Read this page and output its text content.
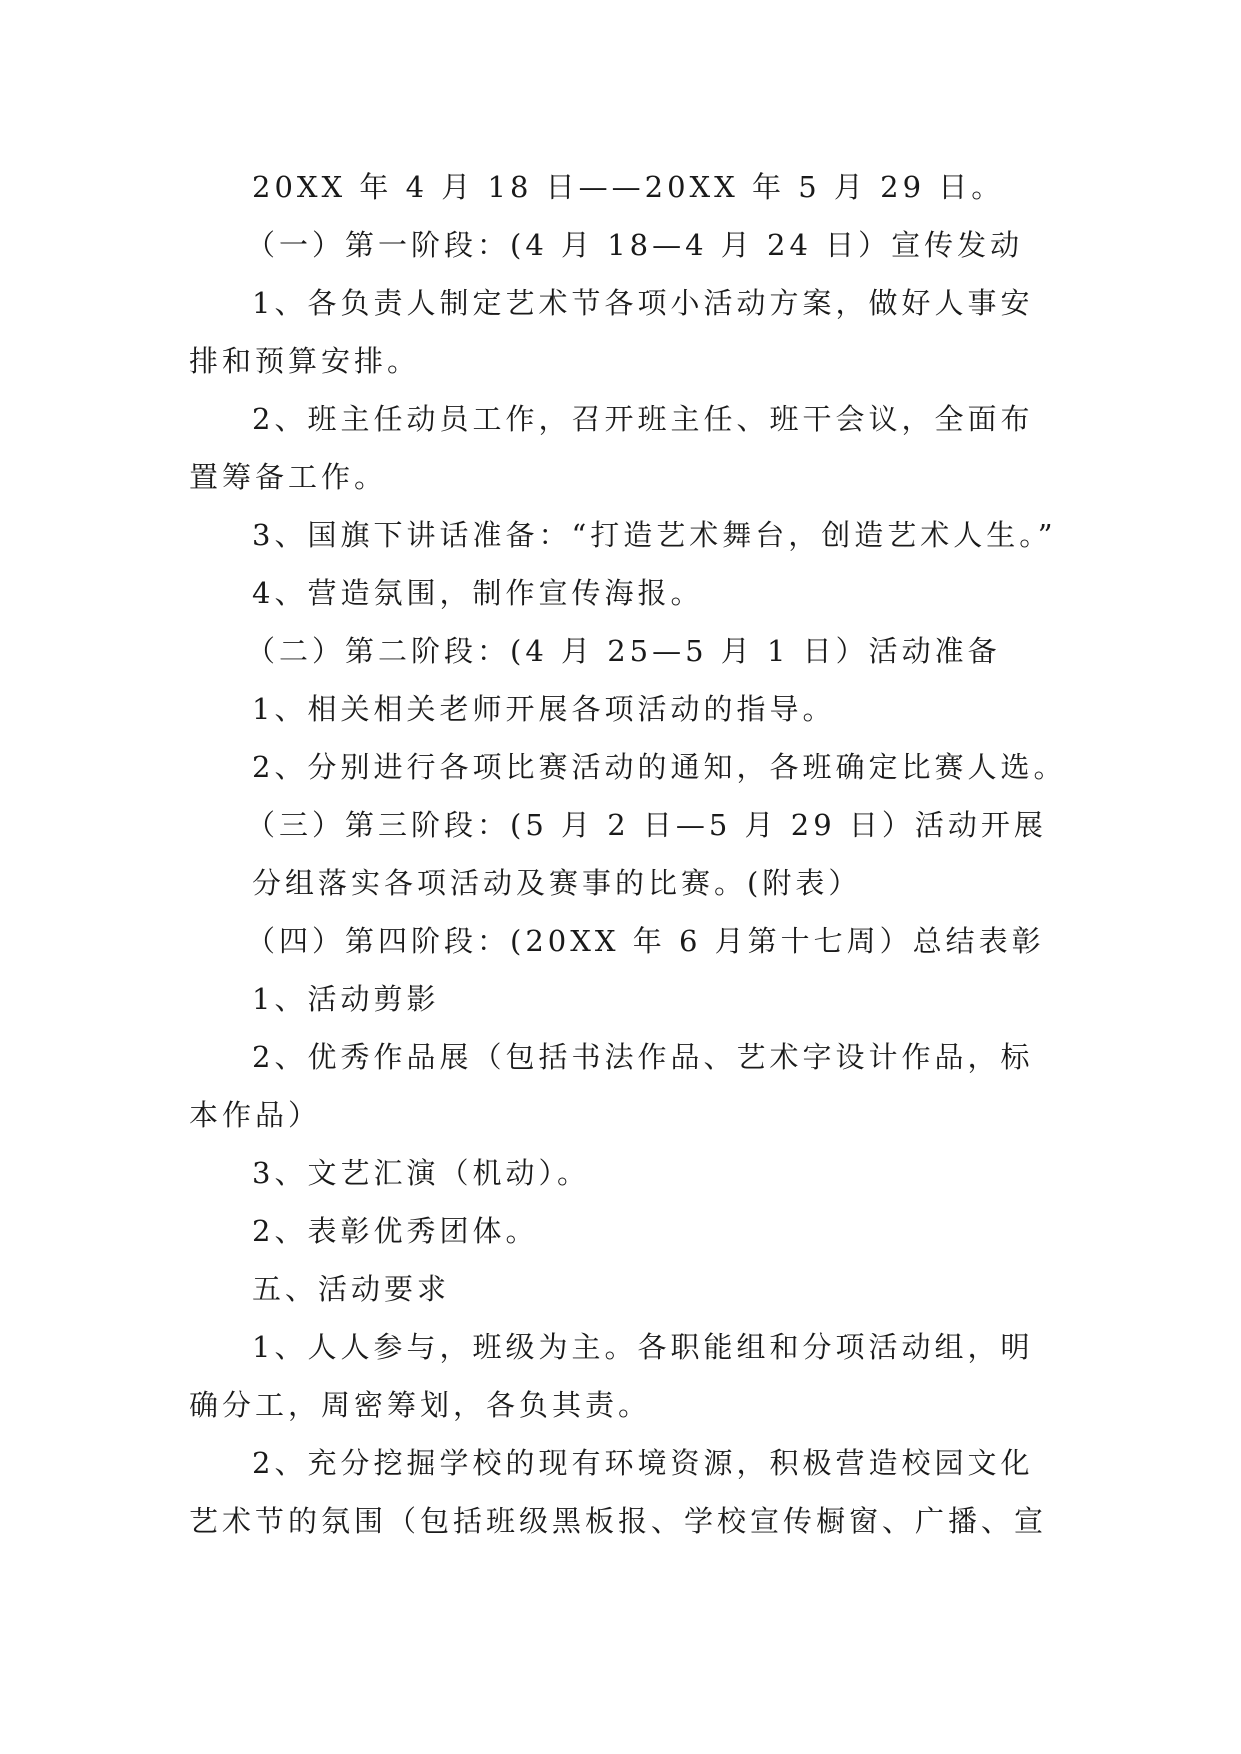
20XX 年 4 月 18 日——20XX 年 5 月 29 日。
（一）第一阶段：(4 月 18—4 月 24 日）宣传发动
1、各负责人制定艺术节各项小活动方案，做好人事安
排和预算安排。
2、班主任动员工作，召开班主任、班干会议，全面布
置筹备工作。
3、国旗下讲话准备：“打造艺术舞台，创造艺术人生。”
4、营造氛围，制作宣传海报。
（二）第二阶段：(4 月 25—5 月 1 日）活动准备
1、相关相关老师开展各项活动的指导。
2、分别进行各项比赛活动的通知，各班确定比赛人选。
（三）第三阶段：(5 月 2 日—5 月 29 日）活动开展
分组落实各项活动及赛事的比赛。(附表）
（四）第四阶段：(20XX 年 6 月第十七周）总结表彰
1、活动剪影
2、优秀作品展（包括书法作品、艺术字设计作品，标
本作品）
3、文艺汇演（机动）。
2、表彰优秀团体。
五、活动要求
1、人人参与，班级为主。各职能组和分项活动组，明
确分工，周密筹划，各负其责。
2、充分挖掘学校的现有环境资源，积极营造校园文化
艺术节的氛围（包括班级黑板报、学校宣传橱窗、广播、宣
